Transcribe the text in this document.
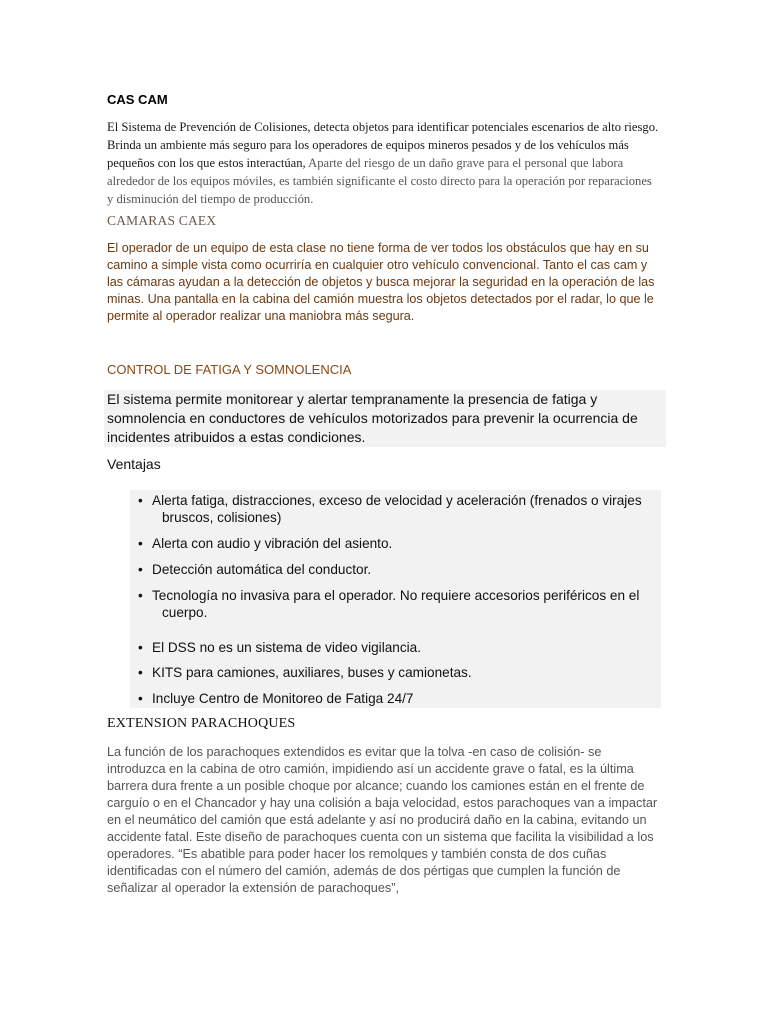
CAS CAM
El Sistema de Prevención de Colisiones, detecta objetos para identificar potenciales escenarios de alto riesgo. Brinda un ambiente más seguro para los operadores de equipos mineros pesados y de los vehículos más pequeños con los que estos interactúan, Aparte del riesgo de un daño grave para el personal que labora alrededor de los equipos móviles, es también significante el costo directo para la operación por reparaciones y disminución del tiempo de producción.
CAMARAS CAEX
El operador de un equipo de esta clase no tiene forma de ver todos los obstáculos que hay en su camino a simple vista como ocurriría en cualquier otro vehículo convencional. Tanto el cas cam y las cámaras ayudan a la detección de objetos y busca mejorar la seguridad en la operación de las minas. Una pantalla en la cabina del camión muestra los objetos detectados por el radar, lo que le permite al operador realizar una maniobra más segura.
CONTROL DE FATIGA Y SOMNOLENCIA
El sistema permite monitorear y alertar tempranamente la presencia de fatiga y somnolencia en conductores de vehículos motorizados para prevenir la ocurrencia de incidentes atribuidos a estas condiciones.
Ventajas
• Alerta fatiga, distracciones, exceso de velocidad y aceleración (frenados o virajes
bruscos, colisiones)
• Alerta con audio y vibración del asiento.
• Detección automática del conductor.
• Tecnología no invasiva para el operador. No requiere accesorios periféricos en el
cuerpo.
• El DSS no es un sistema de video vigilancia.
• KITS para camiones, auxiliares, buses y camionetas.
• Incluye Centro de Monitoreo de Fatiga 24/7
EXTENSION PARACHOQUES
La función de los parachoques extendidos es evitar que la tolva -en caso de colisión- se introduzca en la cabina de otro camión, impidiendo así un accidente grave o fatal, es la última barrera dura frente a un posible choque por alcance; cuando los camiones están en el frente de carguío o en el Chancador y hay una colisión a baja velocidad, estos parachoques van a impactar en el neumático del camión que está adelante y así no producirá daño en la cabina, evitando un accidente fatal. Este diseño de parachoques cuenta con un sistema que facilita la visibilidad a los operadores. “Es abatible para poder hacer los remolques y también consta de dos cuñas identificadas con el número del camión, además de dos pértigas que cumplen la función de señalizar al operador la extensión de parachoques”,
